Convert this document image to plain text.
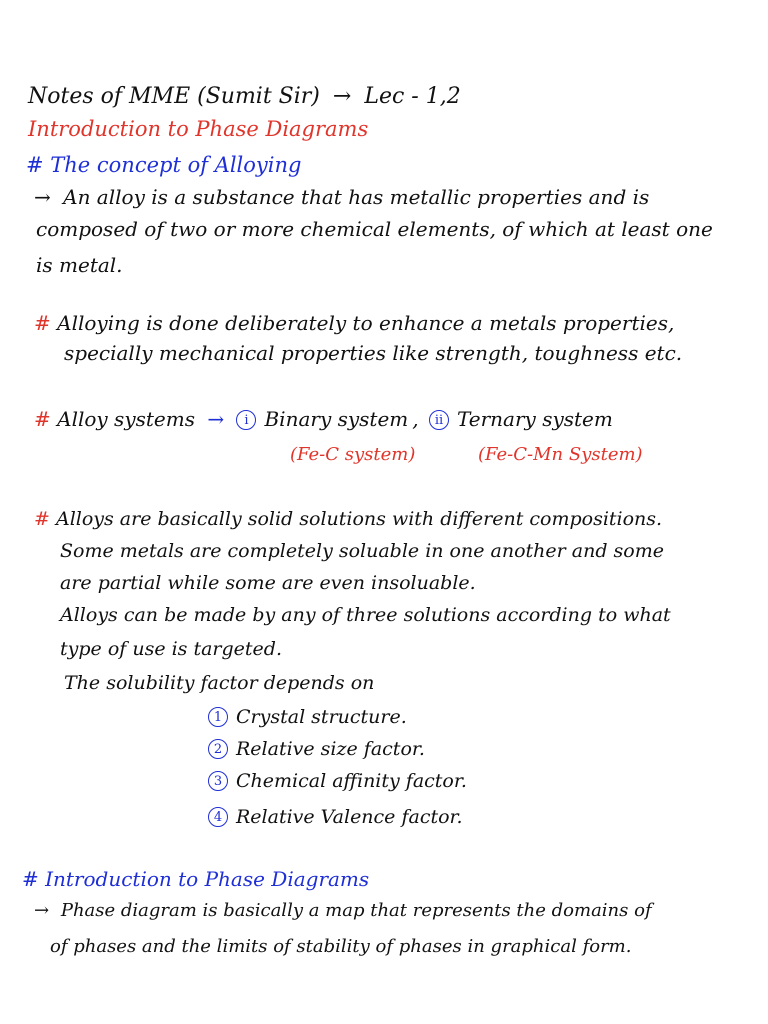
Notes of MME (Sumit Sir) → Lec - 1,2
Introduction to Phase Diagrams
# The concept of Alloying
→ An alloy is a substance that has metallic properties and is
composed of two or more chemical elements, of which at least one
is metal.
# Alloying is done deliberately to enhance a metals properties,
specially mechanical properties like strength, toughness etc.
# Alloy systems → i Binary system , ii Ternary system
(Fe-C system)	(Fe-C-Mn System)
# Alloys are basically solid solutions with different compositions.
Some metals are completely soluable in one another and some
are partial while some are even insoluable.
Alloys can be made by any of three solutions according to what
type of use is targeted.
The solubility factor depends on
1 Crystal structure.
2 Relative size factor.
3 Chemical affinity factor.
4 Relative Valence factor.
# Introduction to Phase Diagrams
→ Phase diagram is basically a map that represents the domains of
of phases and the limits of stability of phases in graphical form.
